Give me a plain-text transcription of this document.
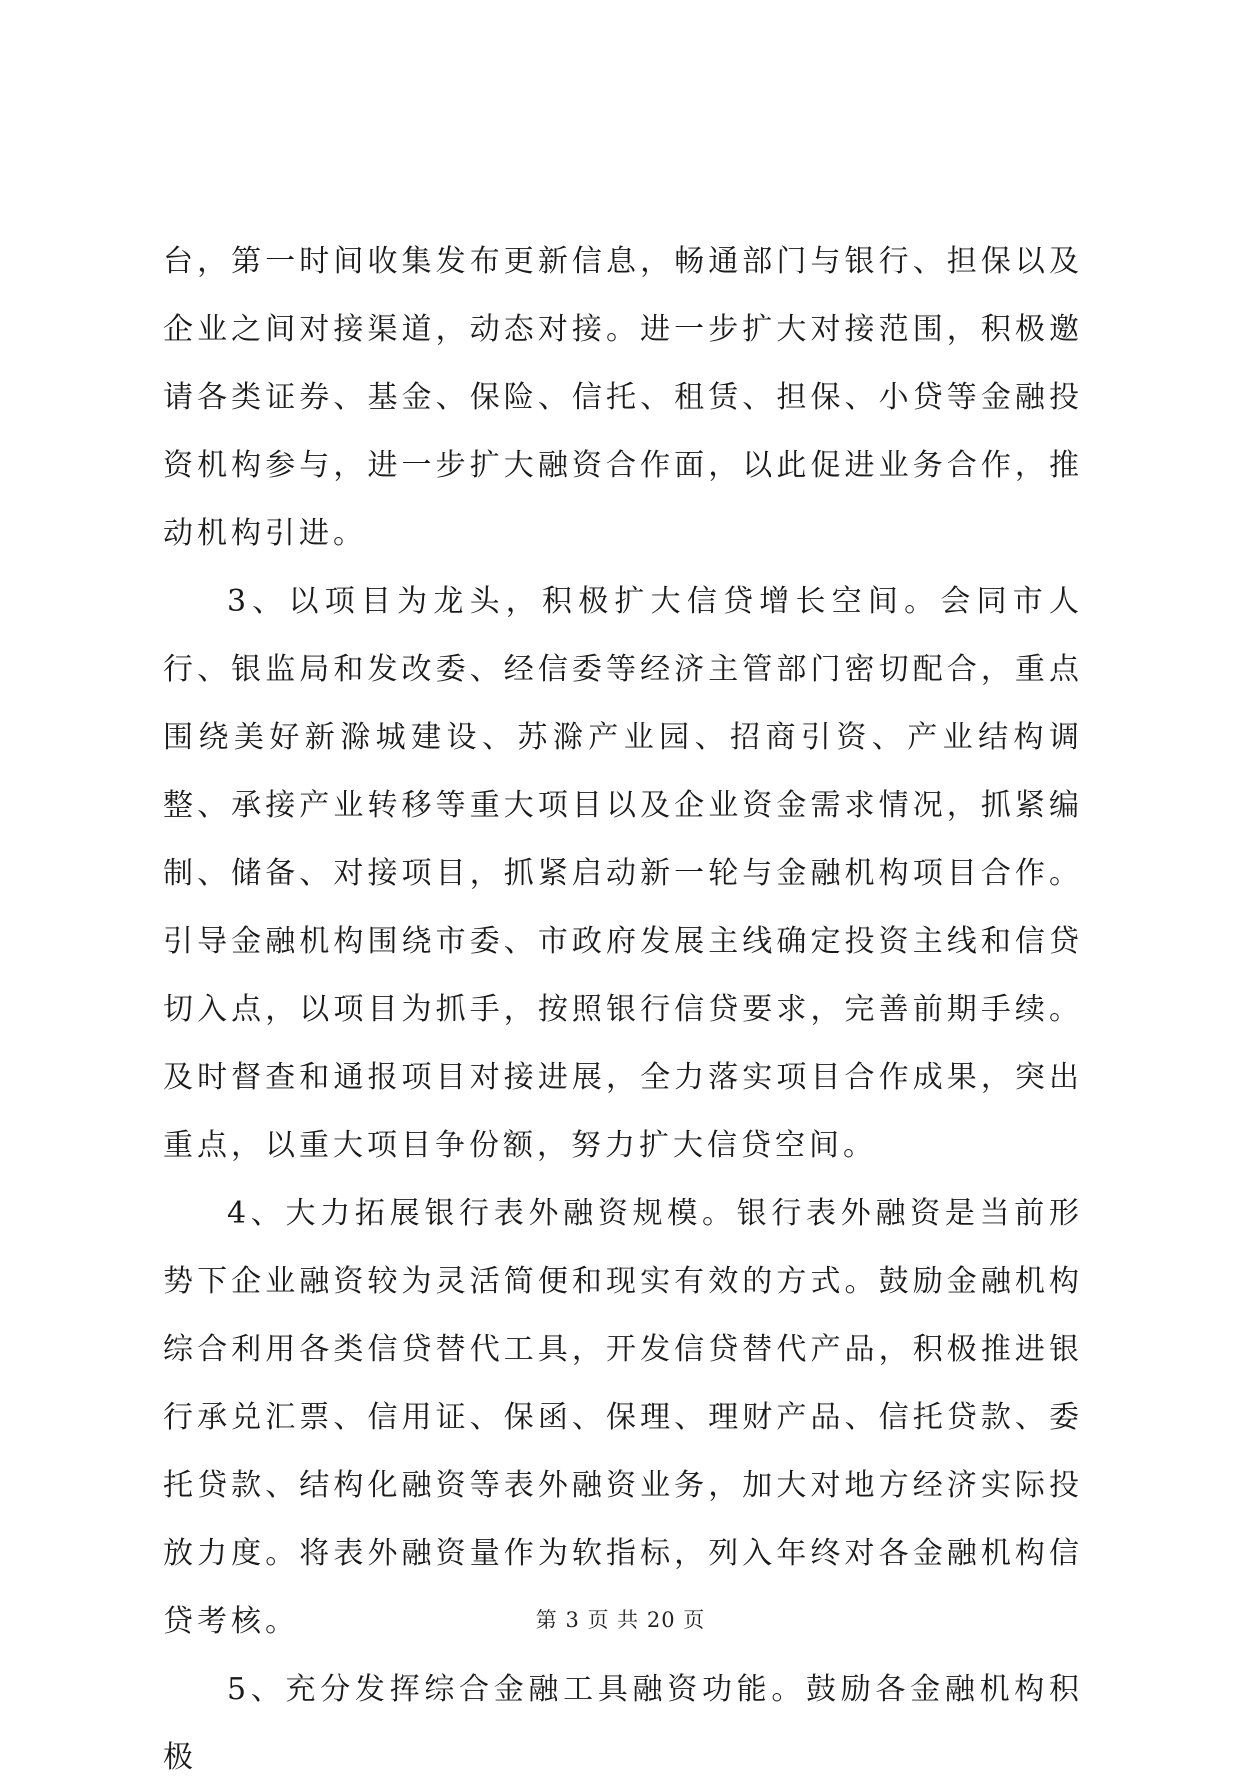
台，第一时间收集发布更新信息，畅通部门与银行、担保以及企业之间对接渠道，动态对接。进一步扩大对接范围，积极邀请各类证券、基金、保险、信托、租赁、担保、小贷等金融投资机构参与，进一步扩大融资合作面，以此促进业务合作，推动机构引进。

3、以项目为龙头，积极扩大信贷增长空间。会同市人行、银监局和发改委、经信委等经济主管部门密切配合，重点围绕美好新滁城建设、苏滁产业园、招商引资、产业结构调整、承接产业转移等重大项目以及企业资金需求情况，抓紧编制、储备、对接项目，抓紧启动新一轮与金融机构项目合作。引导金融机构围绕市委、市政府发展主线确定投资主线和信贷切入点，以项目为抓手，按照银行信贷要求，完善前期手续。及时督查和通报项目对接进展，全力落实项目合作成果，突出重点，以重大项目争份额，努力扩大信贷空间。

4、大力拓展银行表外融资规模。银行表外融资是当前形势下企业融资较为灵活简便和现实有效的方式。鼓励金融机构综合利用各类信贷替代工具，开发信贷替代产品，积极推进银行承兑汇票、信用证、保函、保理、理财产品、信托贷款、委托贷款、结构化融资等表外融资业务，加大对地方经济实际投放力度。将表外融资量作为软指标，列入年终对各金融机构信贷考核。

5、充分发挥综合金融工具融资功能。鼓励各金融机构积极

第 3 页 共 20 页
